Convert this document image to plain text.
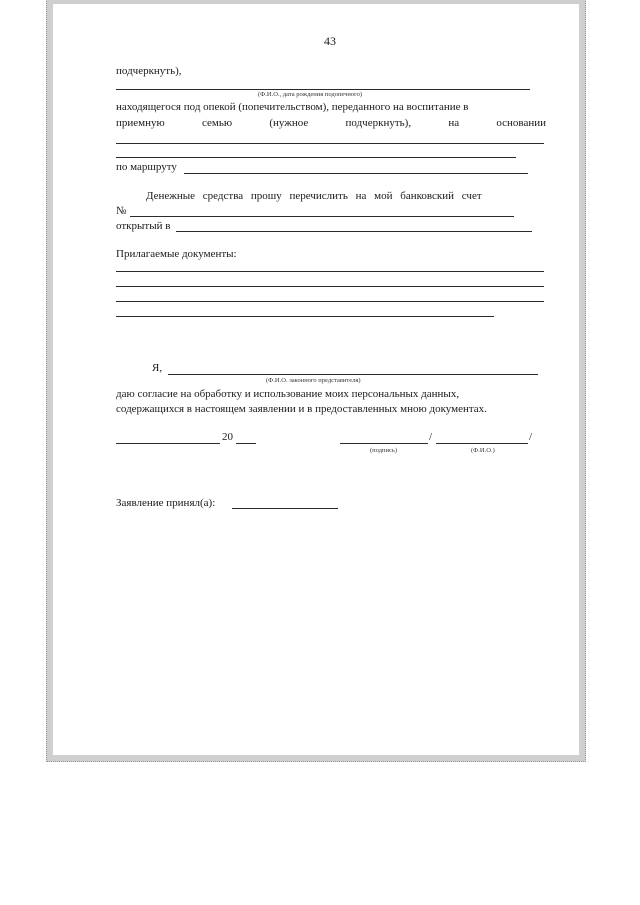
43
подчеркнуть),
(Ф.И.О., дата рождения подопечного)
находящегося под опекой (попечительством), переданного на воспитание в
приемную	семью	(нужное	подчеркнуть),	на	основании
по маршруту
Денежные средства прошу перечислить на мой банковский счет
№
открытый в
Прилагаемые документы:
Я,
(Ф.И.О. законного представителя)
даю согласие на обработку и использование моих персональных данных,
содержащихся в настоящем заявлении и в предоставленных мною документах.
20	/	/
(подпись)	(Ф.И.О.)
Заявление принял(а):
